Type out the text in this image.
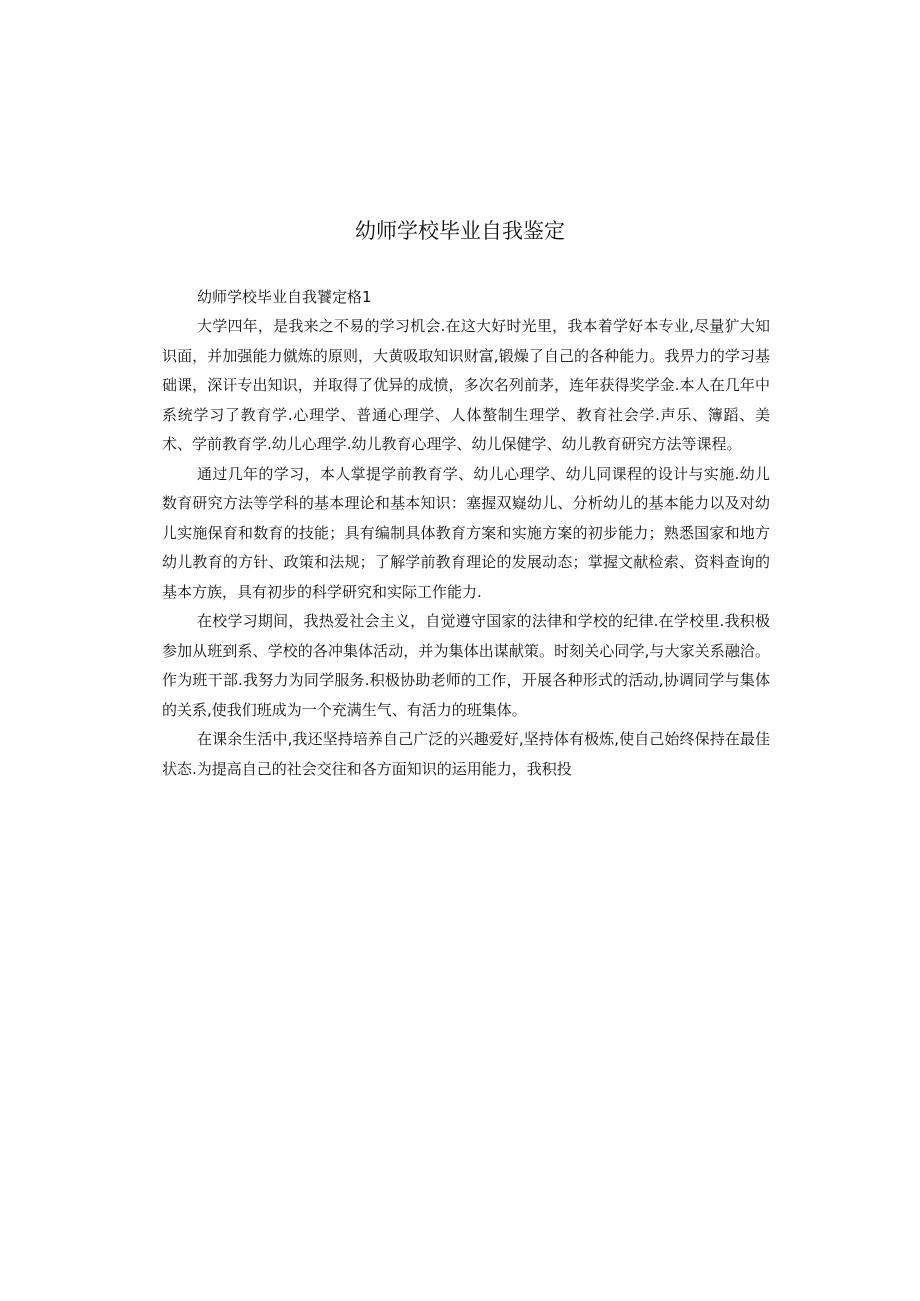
幼师学校毕业自我鉴定

幼师学校毕业自我饕定格1

大学四年，是我来之不易的学习机会.在这大好时光里，我本着学好本专业,尽量犷大知识面，并加强能力僦炼的原则，大黄吸取知识财富,锻燥了自己的各种能力。我畀力的学习基础课，深讦专出知识，并取得了优异的成愤，多次名列前茅，连年获得奖学金.本人在几年中系统学习了教育学.心理学、普通心理学、人体螯制生理学、教育社会学.声乐、簿蹈、美术、学前教育学.幼儿心理学.幼儿教育心理学、幼儿保健学、幼儿教育研究方法等课程。

通过几年的学习，本人掌提学前教育学、幼儿心理学、幼儿同课程的设计与实施.幼儿数育研究方法等学科的基本理论和基本知识：塞握双嶷幼儿、分析幼儿的基本能力以及对幼儿实施保育和数育的技能；具有编制具体教育方案和实施方案的初步能力；熟悉国家和地方幼儿教育的方针、政策和法规；了解学前教育理论的发展动态；掌握文献检索、资料查询的基本方族，具有初步的科学研究和实际工作能力.

在校学习期间，我热爱社会主义，自觉遵守国家的法律和学校的纪律.在学校里.我积极参加从班到系、学校的各冲集体活动，并为集体出谋献策。时刻关心同学,与大家关系融洽。作为班干部.我努力为同学服务.积极协助老师的工作，开展各种形式的活动,协调同学与集体的关系,使我们班成为一个充满生气、有活力的班集体。

在课余生活中,我还坚持培养自己广泛的兴趣爱好,坚持体有极炼,使自己始终保持在最佳状态.为提高自己的社会交往和各方面知识的运用能力，我积投
